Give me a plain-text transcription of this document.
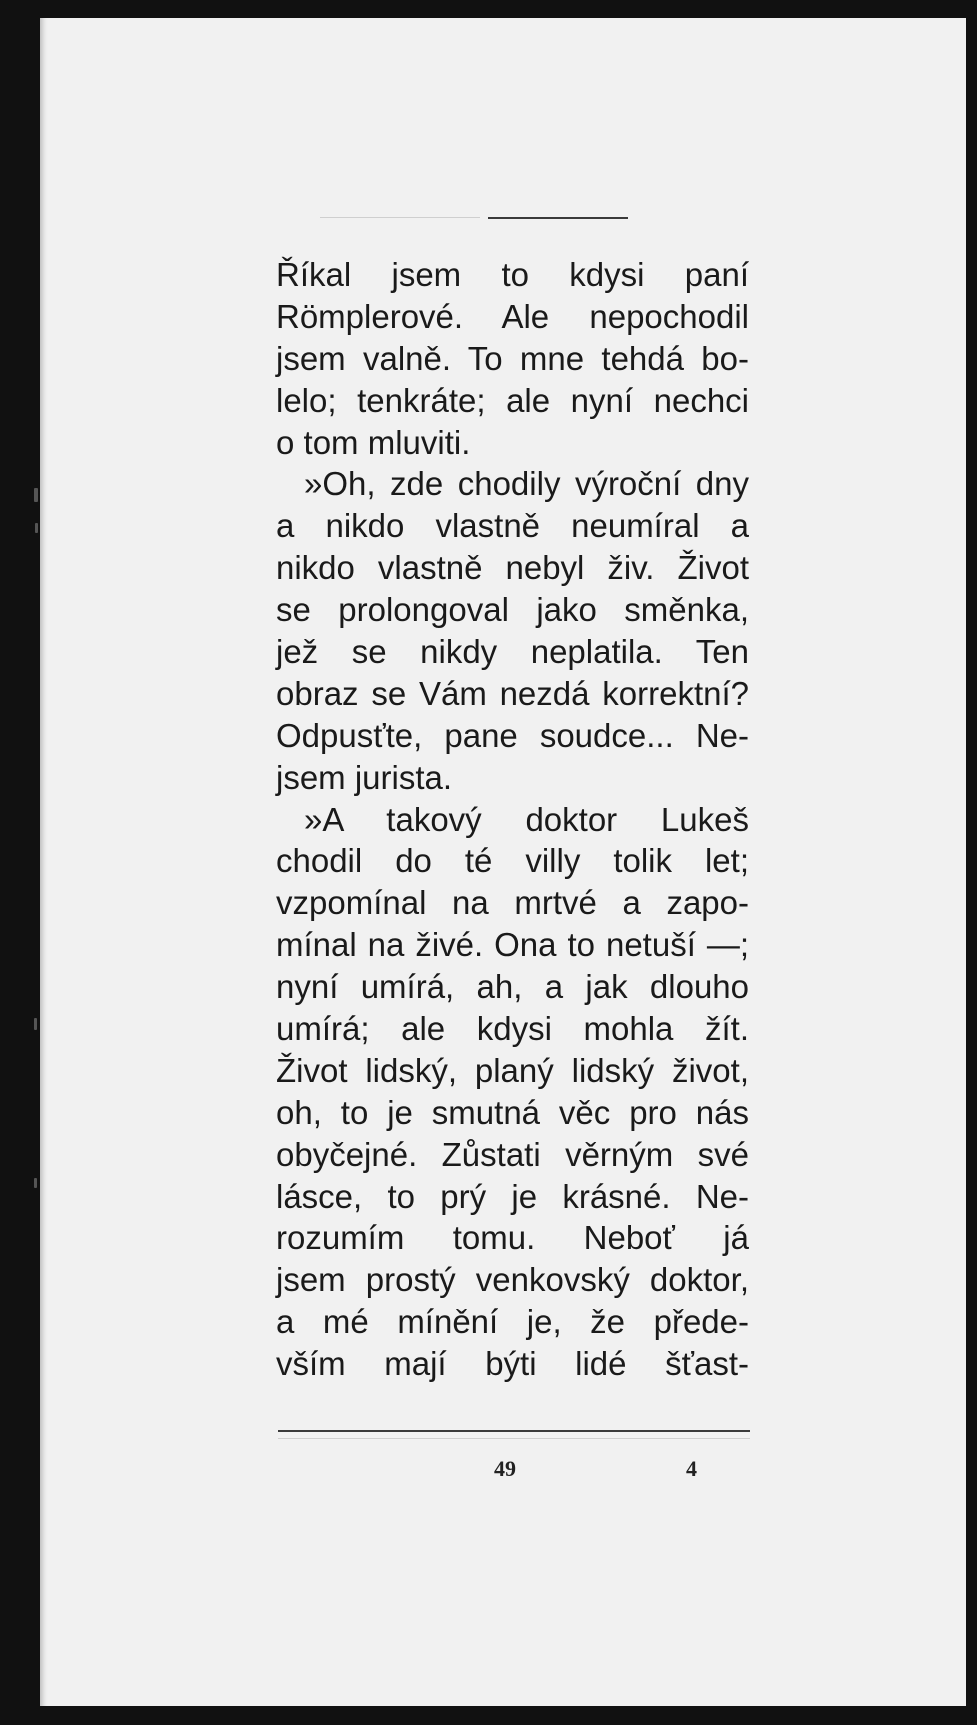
Říkal jsem to kdysi paní
Römplerové. Ale nepochodil
jsem valně. To mne tehdá bo-
lelo; tenkráte; ale nyní nechci
o tom mluviti.
»Oh, zde chodily výroční dny
a nikdo vlastně neumíral a
nikdo vlastně nebyl živ. Život
se prolongoval jako směnka,
jež se nikdy neplatila. Ten
obraz se Vám nezdá korrektní?
Odpusťte, pane soudce... Ne-
jsem jurista.
»A takový doktor Lukeš
chodil do té villy tolik let;
vzpomínal na mrtvé a zapo-
mínal na živé. Ona to netuší —;
nyní umírá, ah, a jak dlouho
umírá; ale kdysi mohla žít.
Život lidský, planý lidský život,
oh, to je smutná věc pro nás
obyčejné. Zůstati věrným své
lásce, to prý je krásné. Ne-
rozumím tomu. Neboť já
jsem prostý venkovský doktor,
a mé mínění je, že přede-
vším mají býti lidé šťast-
49	4
